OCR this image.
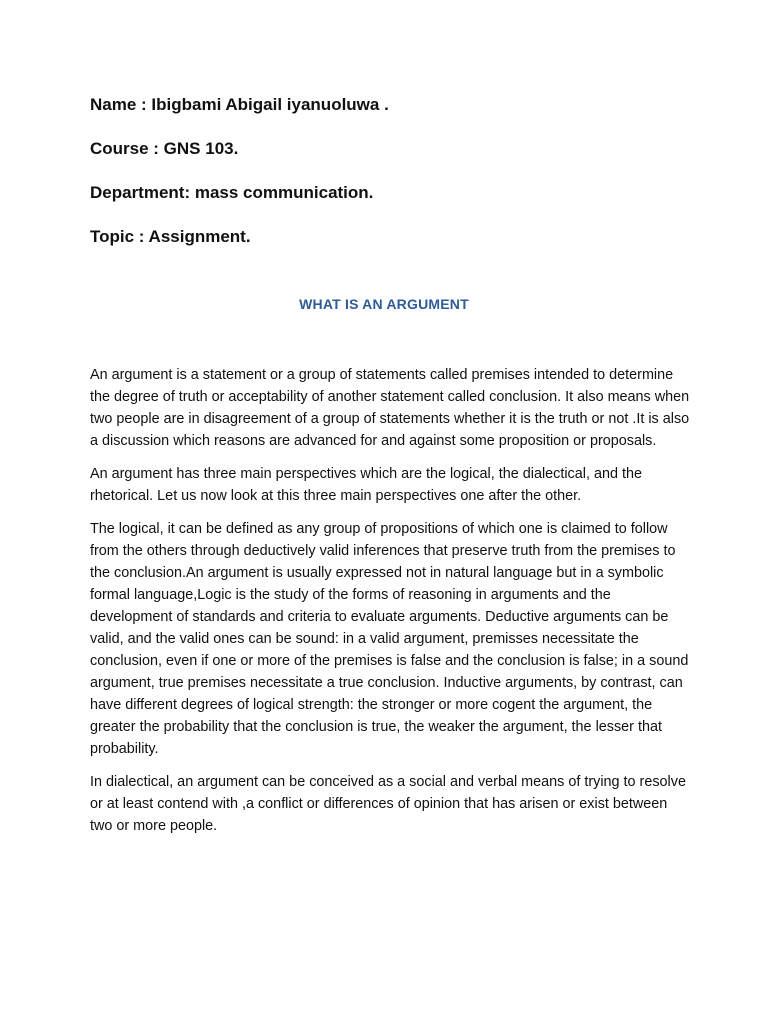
Name : Ibigbami Abigail iyanuoluwa .
Course : GNS 103.
Department: mass communication.
Topic : Assignment.
WHAT IS AN ARGUMENT

An argument is a statement or a group of statements called premises intended to determine the degree of truth or acceptability of another statement called conclusion. It also means when two people are in disagreement of a group of statements whether it is the truth or not .It is also a discussion which reasons are advanced for and against some proposition or proposals.

An argument has three main perspectives which are the logical, the dialectical, and the rhetorical. Let us now look at this three main perspectives one after the other.

The logical, it can be defined as any group of propositions of which one is claimed to follow from the others through deductively valid inferences that preserve truth from the premises to the conclusion.An argument is usually expressed not in natural language but in a symbolic formal language,Logic is the study of the forms of reasoning in arguments and the development of standards and criteria to evaluate arguments. Deductive arguments can be valid, and the valid ones can be sound: in a valid argument, premisses necessitate the conclusion, even if one or more of the premises is false and the conclusion is false; in a sound argument, true premises necessitate a true conclusion. Inductive arguments, by contrast, can have different degrees of logical strength: the stronger or more cogent the argument, the greater the probability that the conclusion is true, the weaker the argument, the lesser that probability.

In dialectical, an argument can be conceived as a social and verbal means of trying to resolve or at least contend with ,a conflict or differences of opinion that has arisen or exist between two or more people.
